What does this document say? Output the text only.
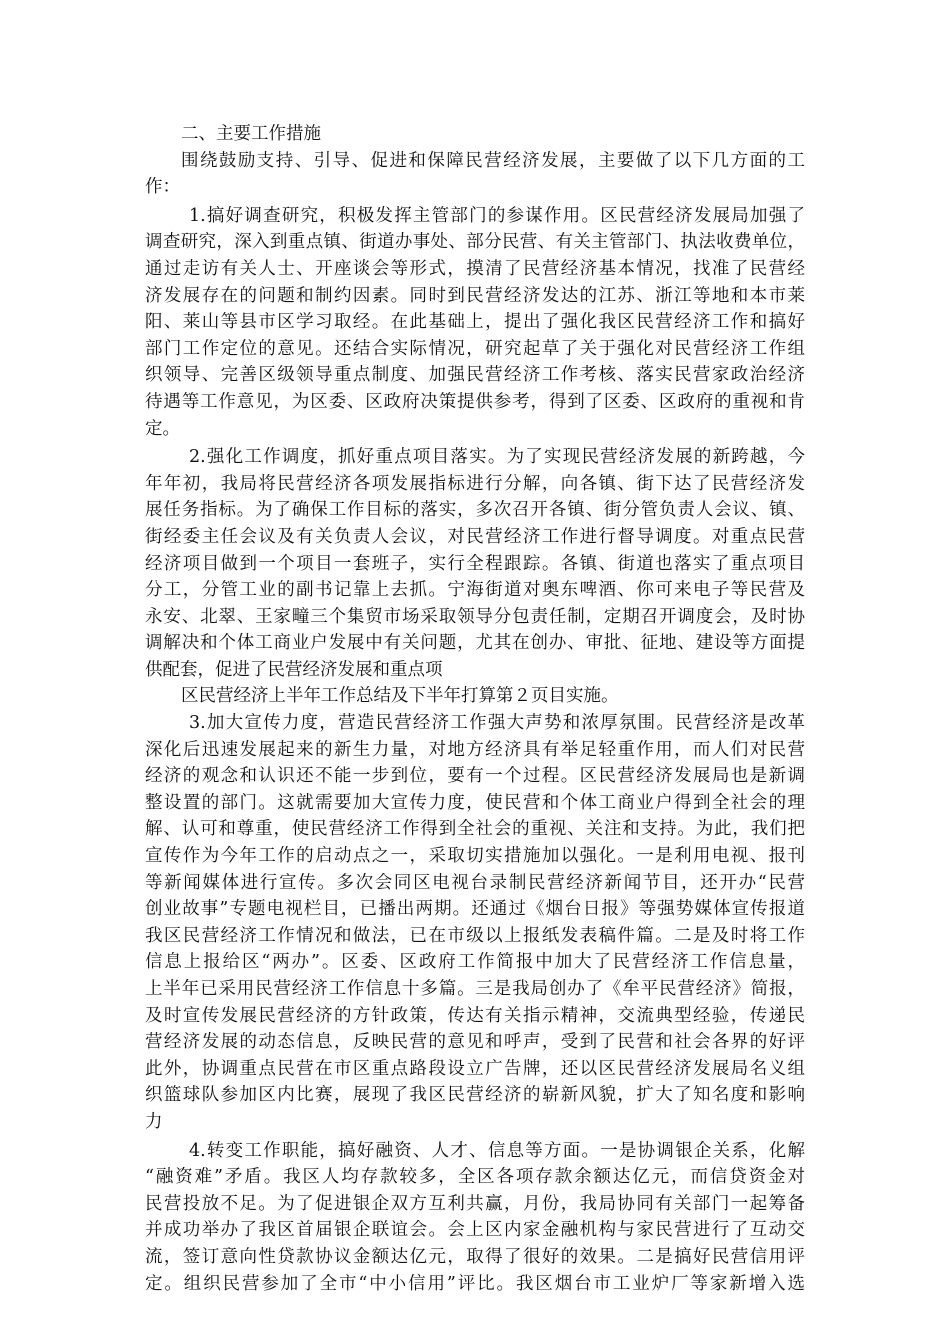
二、主要工作措施
围绕鼓励支持、引导、促进和保障民营经济发展，主要做了以下几方面的工
作：
1.搞好调查研究，积极发挥主管部门的参谋作用。区民营经济发展局加强了
调查研究，深入到重点镇、街道办事处、部分民营、有关主管部门、执法收费单位，
通过走访有关人士、开座谈会等形式，摸清了民营经济基本情况，找准了民营经
济发展存在的问题和制约因素。同时到民营经济发达的江苏、浙江等地和本市莱
阳、莱山等县市区学习取经。在此基础上，提出了强化我区民营经济工作和搞好
部门工作定位的意见。还结合实际情况，研究起草了关于强化对民营经济工作组
织领导、完善区级领导重点制度、加强民营经济工作考核、落实民营家政治经济
待遇等工作意见，为区委、区政府决策提供参考，得到了区委、区政府的重视和肯
定。
2.强化工作调度，抓好重点项目落实。为了实现民营经济发展的新跨越，今
年年初，我局将民营经济各项发展指标进行分解，向各镇、街下达了民营经济发
展任务指标。为了确保工作目标的落实，多次召开各镇、街分管负责人会议、镇、
街经委主任会议及有关负责人会议，对民营经济工作进行督导调度。对重点民营
经济项目做到一个项目一套班子，实行全程跟踪。各镇、街道也落实了重点项目
分工，分管工业的副书记靠上去抓。宁海街道对奥东啤酒、你可来电子等民营及
永安、北翠、王家疃三个集贸市场采取领导分包责任制，定期召开调度会，及时协
调解决和个体工商业户发展中有关问题，尤其在创办、审批、征地、建设等方面提
供配套，促进了民营经济发展和重点项
区民营经济上半年工作总结及下半年打算第２页目实施。
3.加大宣传力度，营造民营经济工作强大声势和浓厚氛围。民营经济是改革
深化后迅速发展起来的新生力量，对地方经济具有举足轻重作用，而人们对民营
经济的观念和认识还不能一步到位，要有一个过程。区民营经济发展局也是新调
整设置的部门。这就需要加大宣传力度，使民营和个体工商业户得到全社会的理
解、认可和尊重，使民营经济工作得到全社会的重视、关注和支持。为此，我们把
宣传作为今年工作的启动点之一，采取切实措施加以强化。一是利用电视、报刊
等新闻媒体进行宣传。多次会同区电视台录制民营经济新闻节目，还开办“民营
创业故事”专题电视栏目，已播出两期。还通过《烟台日报》等强势媒体宣传报道
我区民营经济工作情况和做法，已在市级以上报纸发表稿件篇。二是及时将工作
信息上报给区“两办”。区委、区政府工作简报中加大了民营经济工作信息量，
上半年已采用民营经济工作信息十多篇。三是我局创办了《牟平民营经济》简报，
及时宣传发展民营经济的方针政策，传达有关指示精神，交流典型经验，传递民
营经济发展的动态信息，反映民营的意见和呼声，受到了民营和社会各界的好评
此外，协调重点民营在市区重点路段设立广告牌，还以区民营经济发展局名义组
织篮球队参加区内比赛，展现了我区民营经济的崭新风貌，扩大了知名度和影响
力
4.转变工作职能，搞好融资、人才、信息等方面。一是协调银企关系，化解
“融资难”矛盾。我区人均存款较多，全区各项存款余额达亿元，而信贷资金对
民营投放不足。为了促进银企双方互利共赢，月份，我局协同有关部门一起筹备
并成功举办了我区首届银企联谊会。会上区内家金融机构与家民营进行了互动交
流，签订意向性贷款协议金额达亿元，取得了很好的效果。二是搞好民营信用评
定。组织民营参加了全市“中小信用”评比。我区烟台市工业炉厂等家新增入选
